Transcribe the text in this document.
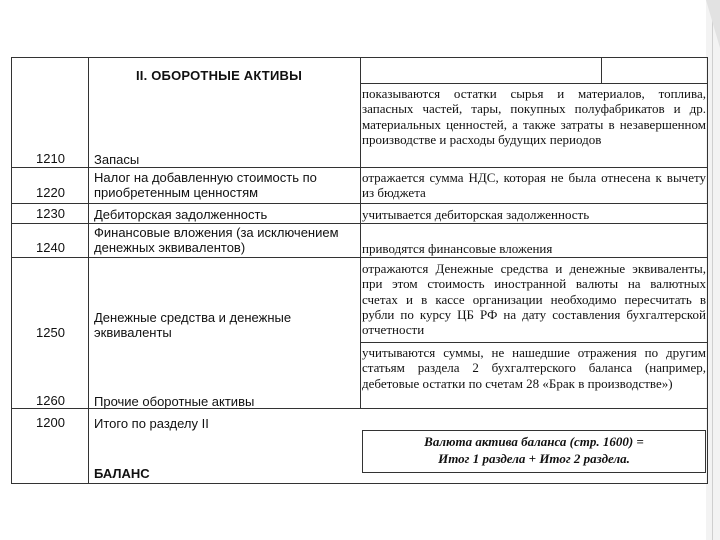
II. ОБОРОТНЫЕ АКТИВЫ
1210 Запасы
показываются остатки сырья и материалов, топлива, запасных частей, тары, покупных полуфабрикатов и др. материальных ценностей, а также затраты в незавершенном производстве и расходы будущих периодов
1220
Налог на добавленную стоимость по приобретенным ценностям
отражается сумма НДС, которая не была отнесена к вычету из бюджета
1230 Дебиторская задолженность	учитывается дебиторская задолженность
1240
Финансовые вложения (за исключением денежных эквивалентов)	приводятся финансовые вложения
1250
Денежные средства и денежные эквиваленты
отражаются Денежные средства и денежные эквиваленты, при этом стоимость иностранной валюты на валютных счетах и в кассе организации необходимо пересчитать в рубли по курсу ЦБ РФ на дату составления бухгалтерской отчетности
1260 Прочие оборотные активы
учитываются суммы, не нашедшие отражения по другим статьям раздела 2 бухгалтерского баланса (например, дебетовые остатки по счетам 28 «Брак в производстве»)
1200 Итого по разделу II
БАЛАНС
Валюта актива баланса (стр. 1600) =
Итог 1 раздела + Итог 2 раздела.
